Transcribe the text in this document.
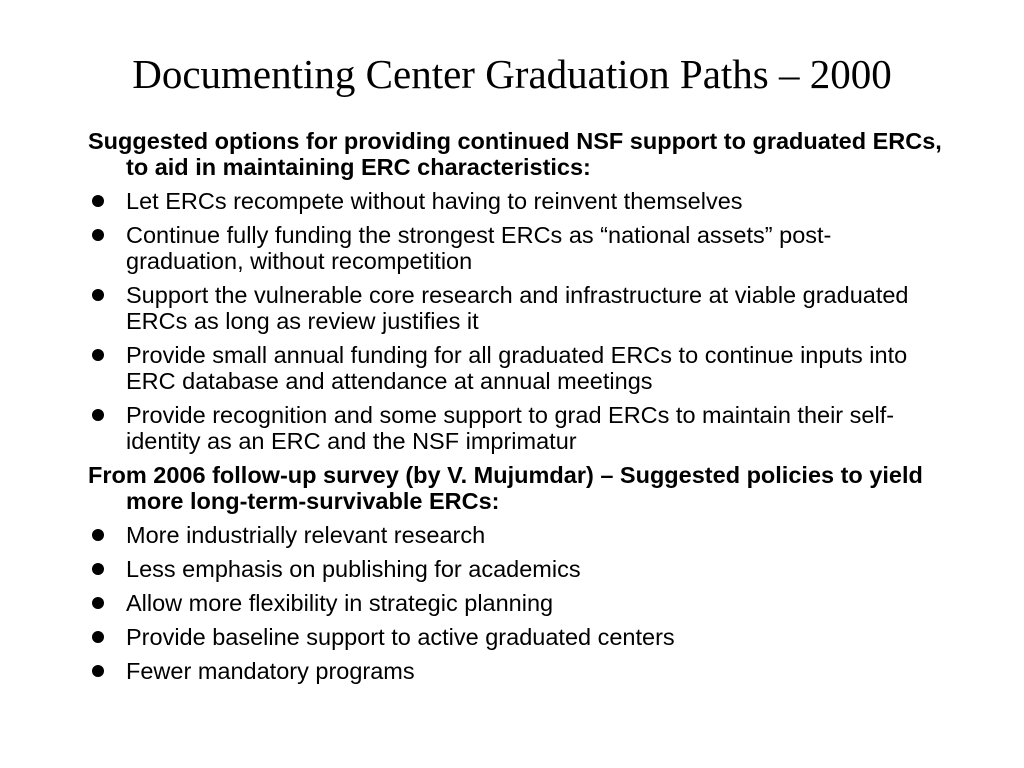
Documenting Center Graduation Paths – 2000

Suggested options for providing continued NSF support to graduated ERCs, to aid in maintaining ERC characteristics:

Let ERCs recompete without having to reinvent themselves
Continue fully funding the strongest ERCs as “national assets” post-graduation, without recompetition
Support the vulnerable core research and infrastructure at viable graduated ERCs as long as review justifies it
Provide small annual funding for all graduated ERCs to continue inputs into ERC database and attendance at annual meetings
Provide recognition and some support to grad ERCs to maintain their self-identity as an ERC and the NSF imprimatur

From 2006 follow-up survey (by V. Mujumdar) – Suggested policies to yield more long-term-survivable ERCs:

More industrially relevant research
Less emphasis on publishing for academics
Allow more flexibility in strategic planning
Provide baseline support to active graduated centers
Fewer mandatory programs
